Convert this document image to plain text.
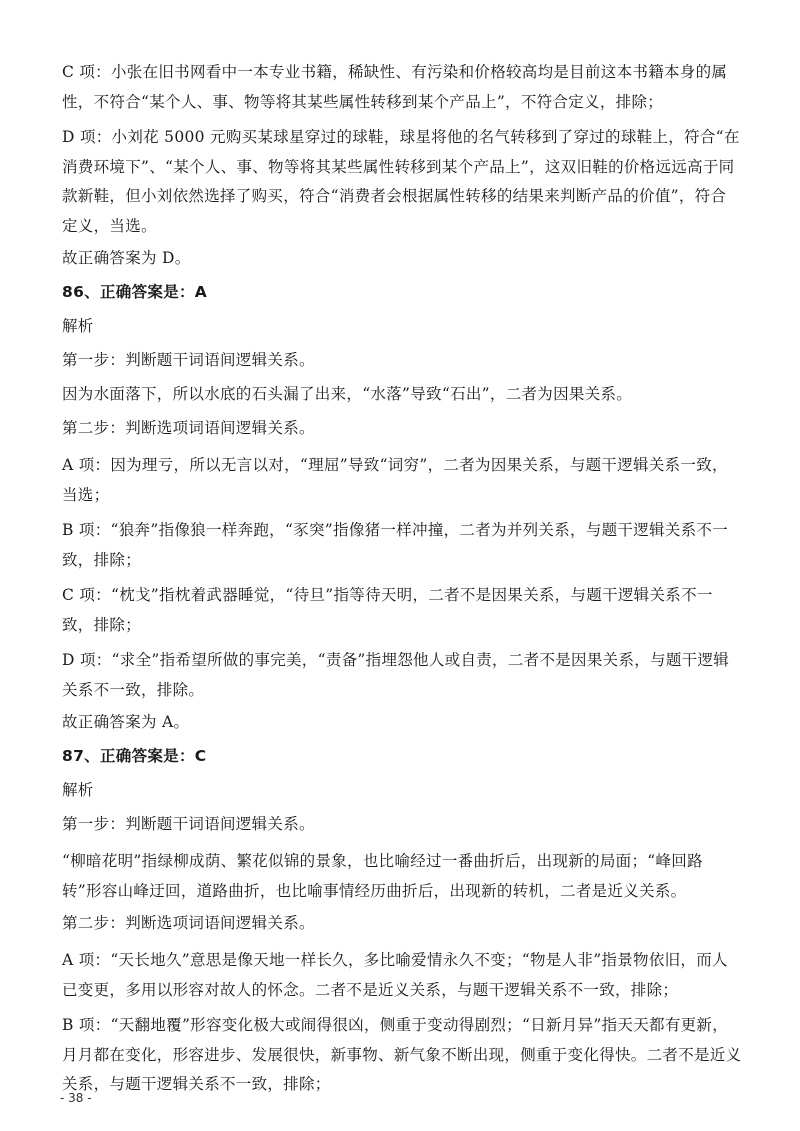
C 项：小张在旧书网看中一本专业书籍，稀缺性、有污染和价格较高均是目前这本书籍本身的属性，不符合“某个人、事、物等将其某些属性转移到某个产品上”，不符合定义，排除；

D 项：小刘花 5000 元购买某球星穿过的球鞋，球星将他的名气转移到了穿过的球鞋上，符合“在消费环境下”、“某个人、事、物等将其某些属性转移到某个产品上”，这双旧鞋的价格远远高于同款新鞋，但小刘依然选择了购买，符合“消费者会根据属性转移的结果来判断产品的价值”，符合定义，当选。

故正确答案为 D。

86、正确答案是：A

解析

第一步：判断题干词语间逻辑关系。

因为水面落下，所以水底的石头漏了出来，“水落”导致“石出”，二者为因果关系。

第二步：判断选项词语间逻辑关系。

A 项：因为理亏，所以无言以对，“理屈”导致“词穷”，二者为因果关系，与题干逻辑关系一致，当选；

B 项：“狼奔”指像狼一样奔跑，“豕突”指像猪一样冲撞，二者为并列关系，与题干逻辑关系不一致，排除；

C 项：“枕戈”指枕着武器睡觉，“待旦”指等待天明，二者不是因果关系，与题干逻辑关系不一致，排除；

D 项：“求全”指希望所做的事完美，“责备”指埋怨他人或自责，二者不是因果关系，与题干逻辑关系不一致，排除。

故正确答案为 A。

87、正确答案是：C

解析

第一步：判断题干词语间逻辑关系。

“柳暗花明”指绿柳成荫、繁花似锦的景象，也比喻经过一番曲折后，出现新的局面；“峰回路转”形容山峰迂回，道路曲折，也比喻事情经历曲折后，出现新的转机，二者是近义关系。

第二步：判断选项词语间逻辑关系。

A 项：“天长地久”意思是像天地一样长久，多比喻爱情永久不变；“物是人非”指景物依旧，而人已变更，多用以形容对故人的怀念。二者不是近义关系，与题干逻辑关系不一致，排除；

B 项：“天翻地覆”形容变化极大或闹得很凶，侧重于变动得剧烈；“日新月异”指天天都有更新，月月都在变化，形容进步、发展很快，新事物、新气象不断出现，侧重于变化得快。二者不是近义关系，与题干逻辑关系不一致，排除；

- 38 -
